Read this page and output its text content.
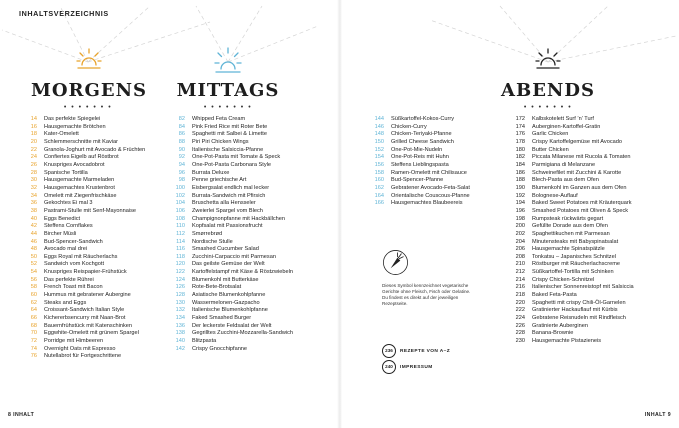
INHALTSVERZEICHNIS
MORGENS
• • • • • • •
MITTAGS
• • • • • • •
ABENDS
• • • • • • •
14 Das perfekte Spiegelei
16 Hausgemachte Brötchen
18 Kater-Omelett
20 Schlemmerschnitte mit Kaviar
22 Granola-Joghurt mit Avocado & Früchten
24 Confiertes Eigelb auf Röstbrot
26 Knuspriges Avocadobrot
28 Spanische Tortilla
30 Hausgemachte Marmeladen
32 Hausgemachtes Krustenbrot
34 Omelett mit Ziegenfrischkäse
36 Gekochtes Ei mal 3
38 Pastrami-Stulle mit Senf-Mayonnaise
40 Eggs Benedict
42 Steffens Cornflakes
44 Bircher Müsli
46 Bud-Spencer-Sandwich
48 Avocado mal drei
50 Eggs Royal mit Räucherlachs
52 Sandwich vom Kochgott
54 Knuspriges Reispapier-Frühstück
56 Das perfekte Rührei
58 French Toast mit Bacon
60 Hummus mit gebratener Aubergine
62 Steaks and Eggs
64 Croissant-Sandwich Italian Style
66 Kichererbsencurry mit Naan-Brot
68 Bauernfrühstück mit Katenschinken
70 Eggwhite-Omelett mit grünem Spargel
72 Porridge mit Himbeeren
74 Overnight Oats mit Espresso
76 Nutellabrot für Fortgeschrittene
82 Whipped Feta Cream
84 Pink Fried Rice mit Roter Bete
86 Spaghetti mit Salbei & Limette
88 Piri Piri Chicken Wings
90 Italienische Salsiccia-Pfanne
92 One-Pot-Pasta mit Tomate & Speck
94 One-Pot-Pasta Carbonara Style
96 Burrata Deluxe
98 Penne griechische Art
100 Eisbergsalat endlich mal lecker
102 Burrata-Sandwich mit Pfirsich
104 Bruschetta alla Hensseler
106 Zweierlei Spargel vom Blech
108 Champignonpfanne mit Hackbällchen
110 Kopfsalat mit Passionsfrucht
112 Smørrebrød
114 Nordische Stulle
116 Smashed Cucumber Salad
118 Zucchini-Carpaccio mit Parmesan
120 Das geilste Gemüse der Welt
122 Kartoffelstampf mit Käse & Röstzwiebeln
124 Blumenkohl mit Butterkäse
126 Rote-Bete-Brotsalat
128 Asiatische Blumenkohlpfanne
130 Wassermelonen-Gazpacho
132 Italienische Blumenkohlpfanne
134 Faked Smashed Burger
136 Der leckerste Feldsalat der Welt
138 Gegrilltes Zucchini-Mozzarella-Sandwich
140 Blitzpasta
142 Crispy Gnocchipfanne
144 Süßkartoffel-Kokos-Curry
146 Chicken-Curry
148 Chicken-Teriyaki-Pfanne
150 Grilled Cheese Sandwich
152 One-Pot-Mie-Nudeln
154 One-Pot-Reis mit Huhn
156 Steffens Lieblingspasta
158 Ramen-Omelett mit Chilisauce
160 Bud-Spencer-Pfanne
162 Gebratener Avocado-Feta-Salat
164 Orientalische Couscous-Pfanne
166 Hausgemachtes Blaubeereis
172 Kalbskotelett Surf ’n’ Turf
174 Auberginen-Kartoffel-Gratin
176 Garlic Chicken
178 Crispy Kartoffelgemüse mit Avocado
180 Butter Chicken
182 Piccata Milanese mit Rucola & Tomaten
184 Parmigiana di Melanzane
186 Schweinefilet mit Zucchini & Karotte
188 Blech-Pasta aus dem Ofen
190 Blumenkohl im Ganzen aus dem Ofen
192 Bolognese-Auflauf
194 Baked Sweet Potatoes mit Kräuterquark
196 Smashed Potatoes mit Oliven & Speck
198 Rumpsteak rückwärts gegart
200 Gefüllte Dorade aus dem Ofen
202 Spaghettikuchen mit Parmesan
204 Minutensteaks mit Babyspinatsalat
206 Hausgemachte Spinatspätzle
208 Tonkatsu – Japanisches Schnitzel
210 Röstburger mit Räucherlachscreme
212 Süßkartoffel-Tortilla mit Schinken
214 Crispy Chicken-Schnitzel
216 Italienischer Sonnenreistopf mit Salsiccia
218 Baked Feta-Pasta
220 Spaghetti mit crispy Chili-Öl-Garnelen
222 Gratinierter Hackauflauf mit Kürbis
224 Gebratene Reisnudeln mit Rindfleisch
226 Gratinierte Auberginen
228 Banana-Brownie
230 Hausgemachte Pistazieneis
Dieses Symbol kennzeichnet vegetarische Gerichte ohne Fleisch, Fisch oder Gelatine. Du findest es direkt auf der jeweiligen Rezeptseite.
236	REZEPTE VON A–Z
240	IMPRESSUM
8 INHALT	INHALT 9
